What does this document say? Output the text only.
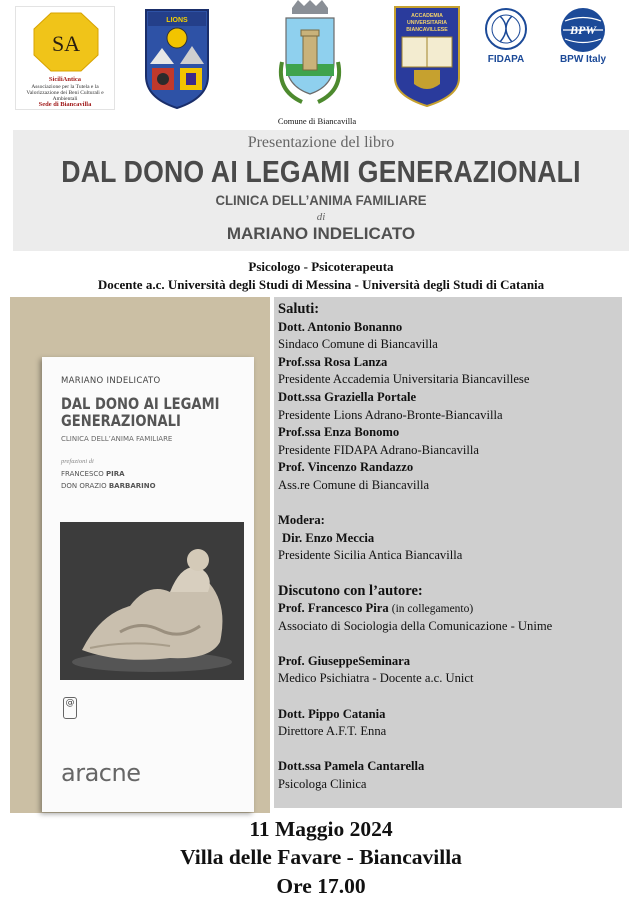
SA
SiciliAntica
Associazione per la Tutela e la Valorizzazione dei Beni Culturali e Ambientali
Sede di Biancavilla
LIONS
ACCADEMIA
UNIVERSITARIA
BIANCAVILLESE
FIDAPA
BPW
BPW Italy
Comune di Biancavilla
Presentazione del libro
DAL DONO AI LEGAMI GENERAZIONALI
CLINICA DELL’ANIMA FAMILIARE
di
MARIANO INDELICATO
Psicologo - Psicoterapeuta
Docente a.c. Università degli Studi di Messina - Università degli Studi di Catania
MARIANO INDELICATO
DAL DONO AI LEGAMI
GENERAZIONALI
CLINICA DELL’ANIMA FAMILIARE
prefazioni di
FRANCESCO PIRA
DON ORAZIO BARBARINO
@
aracne
Saluti:
Dott. Antonio Bonanno
Sindaco Comune di Biancavilla
Prof.ssa Rosa Lanza
Presidente Accademia Universitaria Biancavillese
Dott.ssa Graziella Portale
Presidente Lions Adrano-Bronte-Biancavilla
Prof.ssa Enza Bonomo
Presidente FIDAPA Adrano-Biancavilla
Prof. Vincenzo Randazzo
Ass.re Comune di Biancavilla
Modera:
Dir. Enzo Meccia
Presidente Sicilia Antica Biancavilla
Discutono con l’autore:
Prof. Francesco Pira (in collegamento)
Associato di Sociologia della Comunicazione - Unime
Prof. GiuseppeSeminara
Medico Psichiatra - Docente a.c. Unict
Dott. Pippo Catania
Direttore A.F.T. Enna
Dott.ssa Pamela Cantarella
Psicologa Clinica
11 Maggio 2024
Villa delle Favare - Biancavilla
Ore 17.00
